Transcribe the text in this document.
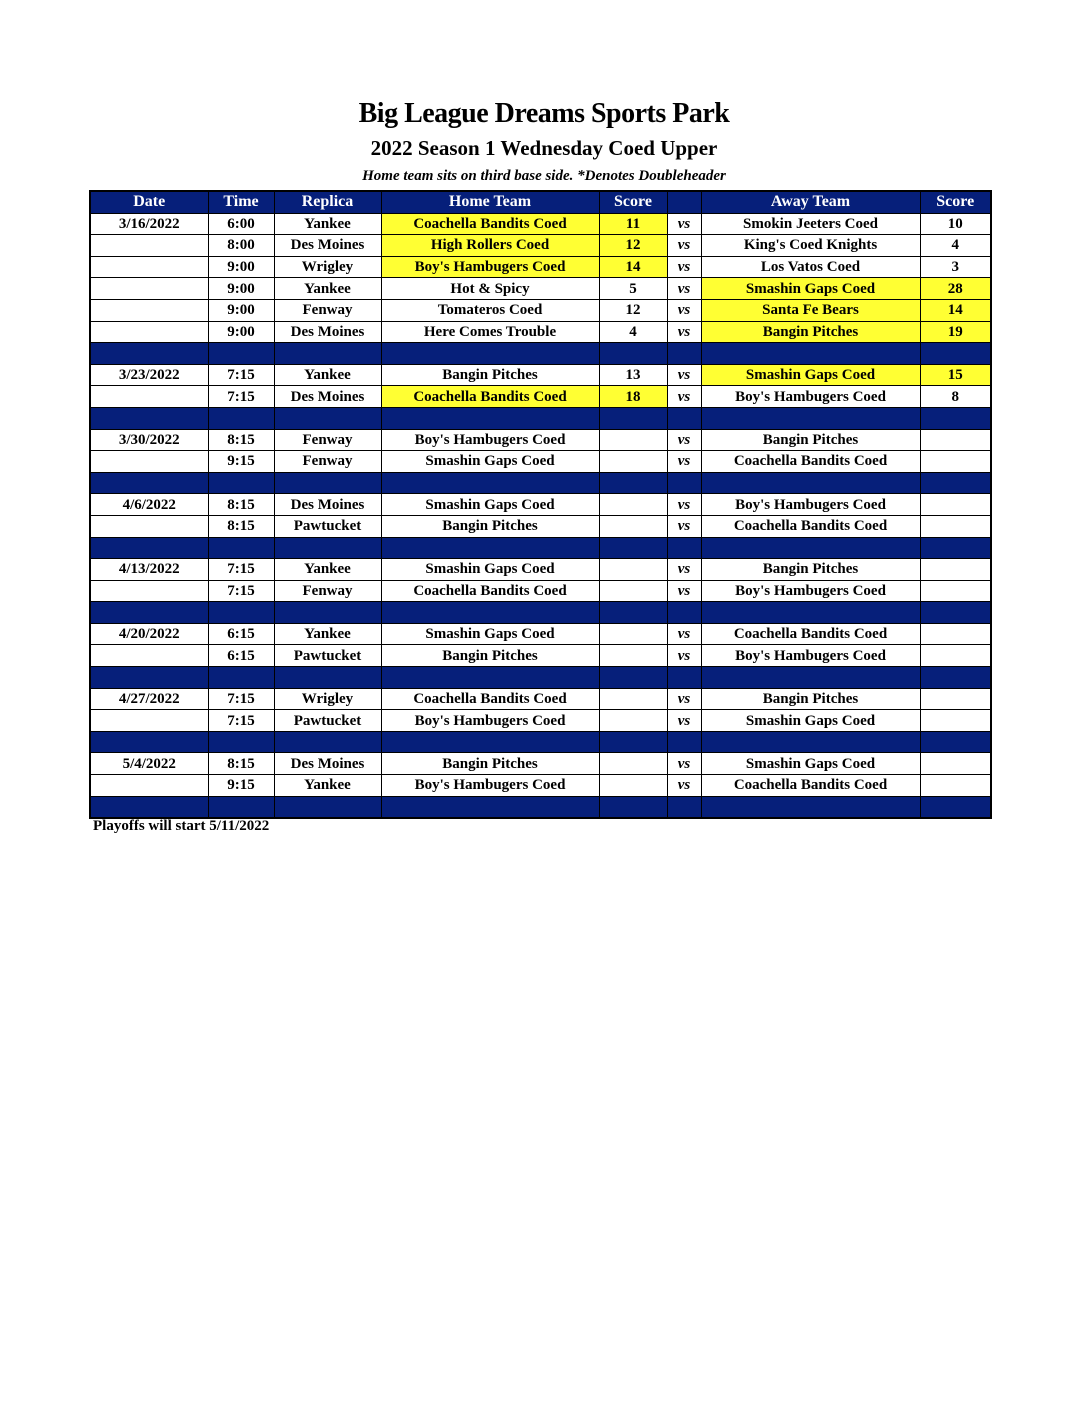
Big League Dreams Sports Park
2022 Season 1 Wednesday Coed Upper
Home team sits on third base side. *Denotes Doubleheader
Date	Time	Replica	Home Team	Score		Away Team	Score
3/16/2022	6:00	Yankee	Coachella Bandits Coed	11	vs	Smokin Jeeters Coed	10
	8:00	Des Moines	High Rollers Coed	12	vs	King's Coed Knights	4
	9:00	Wrigley	Boy's Hambugers Coed	14	vs	Los Vatos Coed	3
	9:00	Yankee	Hot & Spicy	5	vs	Smashin Gaps Coed	28
	9:00	Fenway	Tomateros Coed	12	vs	Santa Fe Bears	14
	9:00	Des Moines	Here Comes Trouble	4	vs	Bangin Pitches	19

3/23/2022	7:15	Yankee	Bangin Pitches	13	vs	Smashin Gaps Coed	15
	7:15	Des Moines	Coachella Bandits Coed	18	vs	Boy's Hambugers Coed	8

3/30/2022	8:15	Fenway	Boy's Hambugers Coed		vs	Bangin Pitches	
	9:15	Fenway	Smashin Gaps Coed		vs	Coachella Bandits Coed	

4/6/2022	8:15	Des Moines	Smashin Gaps Coed		vs	Boy's Hambugers Coed	
	8:15	Pawtucket	Bangin Pitches		vs	Coachella Bandits Coed	

4/13/2022	7:15	Yankee	Smashin Gaps Coed		vs	Bangin Pitches	
	7:15	Fenway	Coachella Bandits Coed		vs	Boy's Hambugers Coed	

4/20/2022	6:15	Yankee	Smashin Gaps Coed		vs	Coachella Bandits Coed	
	6:15	Pawtucket	Bangin Pitches		vs	Boy's Hambugers Coed	

4/27/2022	7:15	Wrigley	Coachella Bandits Coed		vs	Bangin Pitches	
	7:15	Pawtucket	Boy's Hambugers Coed		vs	Smashin Gaps Coed	

5/4/2022	8:15	Des Moines	Bangin Pitches		vs	Smashin Gaps Coed	
	9:15	Yankee	Boy's Hambugers Coed		vs	Coachella Bandits Coed	

Playoffs will start 5/11/2022
